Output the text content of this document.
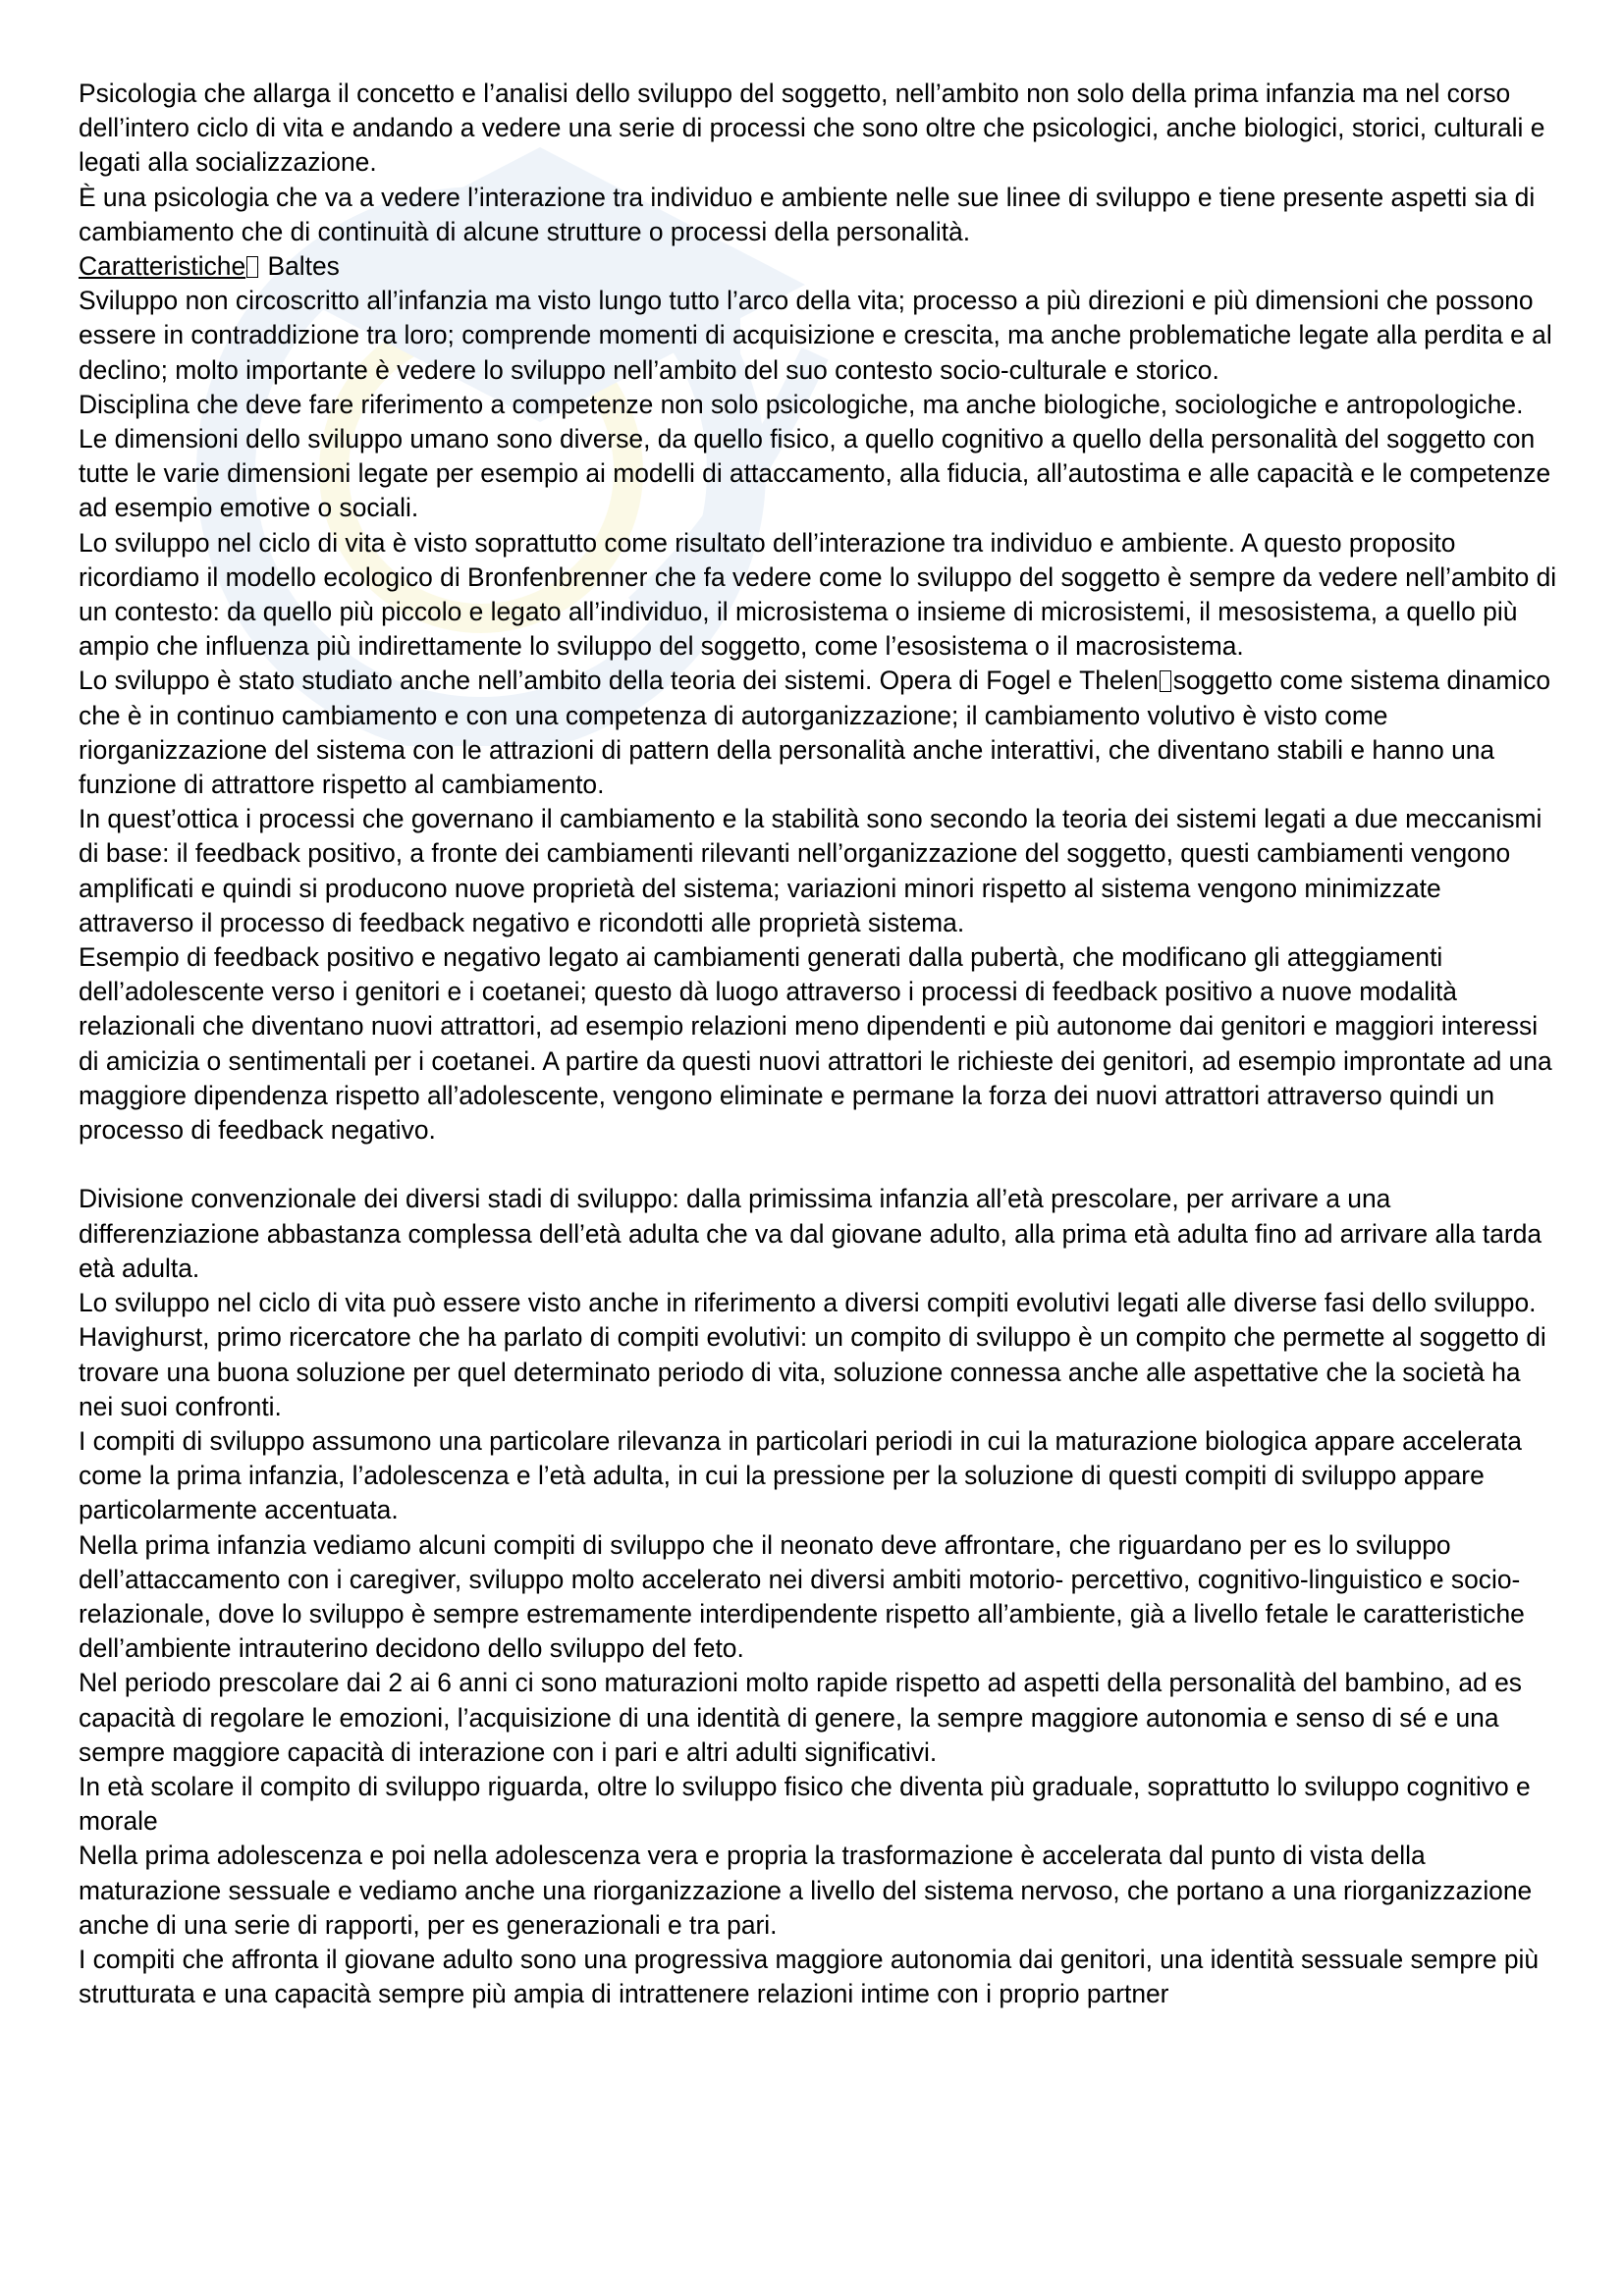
Psicologia che allarga il concetto e l’analisi dello sviluppo del soggetto, nell’ambito non solo della prima infanzia ma nel corso dell’intero ciclo di vita e andando a vedere una serie di processi che sono oltre che psicologici, anche biologici, storici, culturali e legati alla socializzazione.

È una psicologia che va a vedere l’interazione tra individuo e ambiente nelle sue linee di sviluppo e tiene presente aspetti sia di cambiamento che di continuità di alcune strutture o processi della personalità.

Caratteristiche Baltes

Sviluppo non circoscritto all’infanzia ma visto lungo tutto l’arco della vita; processo a più direzioni e più dimensioni che possono essere in contraddizione tra loro; comprende momenti di acquisizione e crescita, ma anche problematiche legate alla perdita e al declino; molto importante è vedere lo sviluppo nell’ambito del suo contesto socio-culturale e storico.

Disciplina che deve fare riferimento a competenze non solo psicologiche, ma anche biologiche, sociologiche e antropologiche.

Le dimensioni dello sviluppo umano sono diverse, da quello fisico, a quello cognitivo a quello della personalità del soggetto con tutte le varie dimensioni legate per esempio ai modelli di attaccamento, alla fiducia, all’autostima e alle capacità e le competenze ad esempio emotive o sociali.

Lo sviluppo nel ciclo di vita è visto soprattutto come risultato dell’interazione tra individuo e ambiente. A questo proposito ricordiamo il modello ecologico di Bronfenbrenner che fa vedere come lo sviluppo del soggetto è sempre da vedere nell’ambito di un contesto: da quello più piccolo e legato all’individuo, il microsistema o insieme di microsistemi, il mesosistema, a quello più ampio che influenza più indirettamente lo sviluppo del soggetto, come l’esosistema o il macrosistema.

Lo sviluppo è stato studiato anche nell’ambito della teoria dei sistemi. Opera di Fogel e Thelen soggetto come sistema dinamico che è in continuo cambiamento e con una competenza di autorganizzazione; il cambiamento volutivo è visto come riorganizzazione del sistema con le attrazioni di pattern della personalità anche interattivi, che diventano stabili e hanno una funzione di attrattore rispetto al cambiamento.

In quest’ottica i processi che governano il cambiamento e la stabilità sono secondo la teoria dei sistemi legati a due meccanismi di base: il feedback positivo, a fronte dei cambiamenti rilevanti nell’organizzazione del soggetto, questi cambiamenti vengono amplificati e quindi si producono nuove proprietà del sistema; variazioni minori rispetto al sistema vengono minimizzate attraverso il processo di feedback negativo e ricondotti alle proprietà sistema.

Esempio di feedback positivo e negativo legato ai cambiamenti generati dalla pubertà, che modificano gli atteggiamenti dell’adolescente verso i genitori e i coetanei; questo dà luogo attraverso i processi di feedback positivo a nuove modalità relazionali che diventano nuovi attrattori, ad esempio relazioni meno dipendenti e più autonome dai genitori e maggiori interessi di amicizia o sentimentali per i coetanei. A partire da questi nuovi attrattori le richieste dei genitori, ad esempio improntate ad una maggiore dipendenza rispetto all’adolescente, vengono eliminate e permane la forza dei nuovi attrattori attraverso quindi un processo di feedback negativo.

Divisione convenzionale dei diversi stadi di sviluppo: dalla primissima infanzia all’età prescolare, per arrivare a una differenziazione abbastanza complessa dell’età adulta che va dal giovane adulto, alla prima età adulta fino ad arrivare alla tarda età adulta.

Lo sviluppo nel ciclo di vita può essere visto anche in riferimento a diversi compiti evolutivi legati alle diverse fasi dello sviluppo. Havighurst, primo ricercatore che ha parlato di compiti evolutivi: un compito di sviluppo è un compito che permette al soggetto di trovare una buona soluzione per quel determinato periodo di vita, soluzione connessa anche alle aspettative che la società ha nei suoi confronti.

I compiti di sviluppo assumono una particolare rilevanza in particolari periodi in cui la maturazione biologica appare accelerata come la prima infanzia, l’adolescenza e l’età adulta, in cui la pressione per la soluzione di questi compiti di sviluppo appare particolarmente accentuata.

Nella prima infanzia vediamo alcuni compiti di sviluppo che il neonato deve affrontare, che riguardano per es lo sviluppo dell’attaccamento con i caregiver, sviluppo molto accelerato nei diversi ambiti motorio- percettivo, cognitivo-linguistico e socio-relazionale, dove lo sviluppo è sempre estremamente interdipendente rispetto all’ambiente, già a livello fetale le caratteristiche dell’ambiente intrauterino decidono dello sviluppo del feto.

Nel periodo prescolare dai 2 ai 6 anni ci sono maturazioni molto rapide rispetto ad aspetti della personalità del bambino, ad es capacità di regolare le emozioni, l’acquisizione di una identità di genere, la sempre maggiore autonomia e senso di sé e una sempre maggiore capacità di interazione con i pari e altri adulti significativi.

In età scolare il compito di sviluppo riguarda, oltre lo sviluppo fisico che diventa più graduale, soprattutto lo sviluppo cognitivo e morale

Nella prima adolescenza e poi nella adolescenza vera e propria la trasformazione è accelerata dal punto di vista della maturazione sessuale e vediamo anche una riorganizzazione a livello del sistema nervoso, che portano a una riorganizzazione anche di una serie di rapporti, per es generazionali e tra pari.

I compiti che affronta il giovane adulto sono una progressiva maggiore autonomia dai genitori, una identità sessuale sempre più strutturata e una capacità sempre più ampia di intrattenere relazioni intime con i proprio partner
